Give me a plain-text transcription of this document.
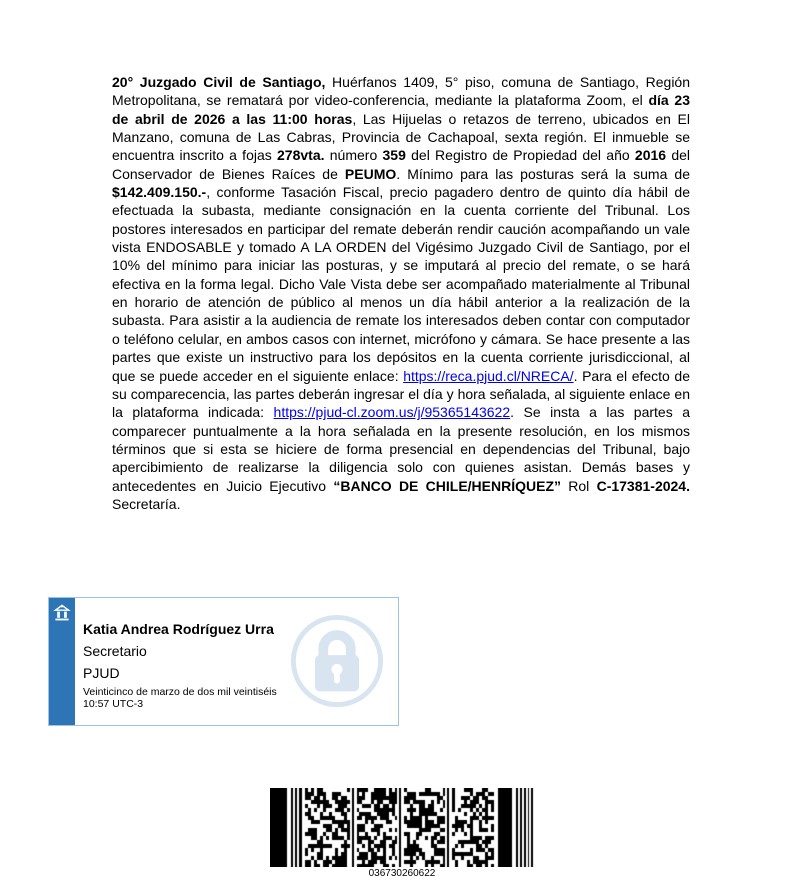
20° Juzgado Civil de Santiago, Huérfanos 1409, 5° piso, comuna de Santiago, Región Metropolitana, se rematará por video-conferencia, mediante la plataforma Zoom, el día 23 de abril de 2026 a las 11:00 horas, Las Hijuelas o retazos de terreno, ubicados en El Manzano, comuna de Las Cabras, Provincia de Cachapoal, sexta región. El inmueble se encuentra inscrito a fojas 278vta. número 359 del Registro de Propiedad del año 2016 del Conservador de Bienes Raíces de PEUMO. Mínimo para las posturas será la suma de $142.409.150.-, conforme Tasación Fiscal, precio pagadero dentro de quinto día hábil de efectuada la subasta, mediante consignación en la cuenta corriente del Tribunal. Los postores interesados en participar del remate deberán rendir caución acompañando un vale vista ENDOSABLE y tomado A LA ORDEN del Vigésimo Juzgado Civil de Santiago, por el 10% del mínimo para iniciar las posturas, y se imputará al precio del remate, o se hará efectiva en la forma legal. Dicho Vale Vista debe ser acompañado materialmente al Tribunal en horario de atención de público al menos un día hábil anterior a la realización de la subasta. Para asistir a la audiencia de remate los interesados deben contar con computador o teléfono celular, en ambos casos con internet, micrófono y cámara. Se hace presente a las partes que existe un instructivo para los depósitos en la cuenta corriente jurisdiccional, al que se puede acceder en el siguiente enlace: https://reca.pjud.cl/NRECA/. Para el efecto de su comparecencia, las partes deberán ingresar el día y hora señalada, al siguiente enlace en la plataforma indicada: https://pjud-cl.zoom.us/j/95365143622. Se insta a las partes a comparecer puntualmente a la hora señalada en la presente resolución, en los mismos términos que si esta se hiciere de forma presencial en dependencias del Tribunal, bajo apercibimiento de realizarse la diligencia solo con quienes asistan. Demás bases y antecedentes en Juicio Ejecutivo “BANCO DE CHILE/HENRÍQUEZ” Rol C-17381-2024. Secretaría.

Katia Andrea Rodríguez Urra
Secretario
PJUD
Veinticinco de marzo de dos mil veintiséis
10:57 UTC-3
036730260622
